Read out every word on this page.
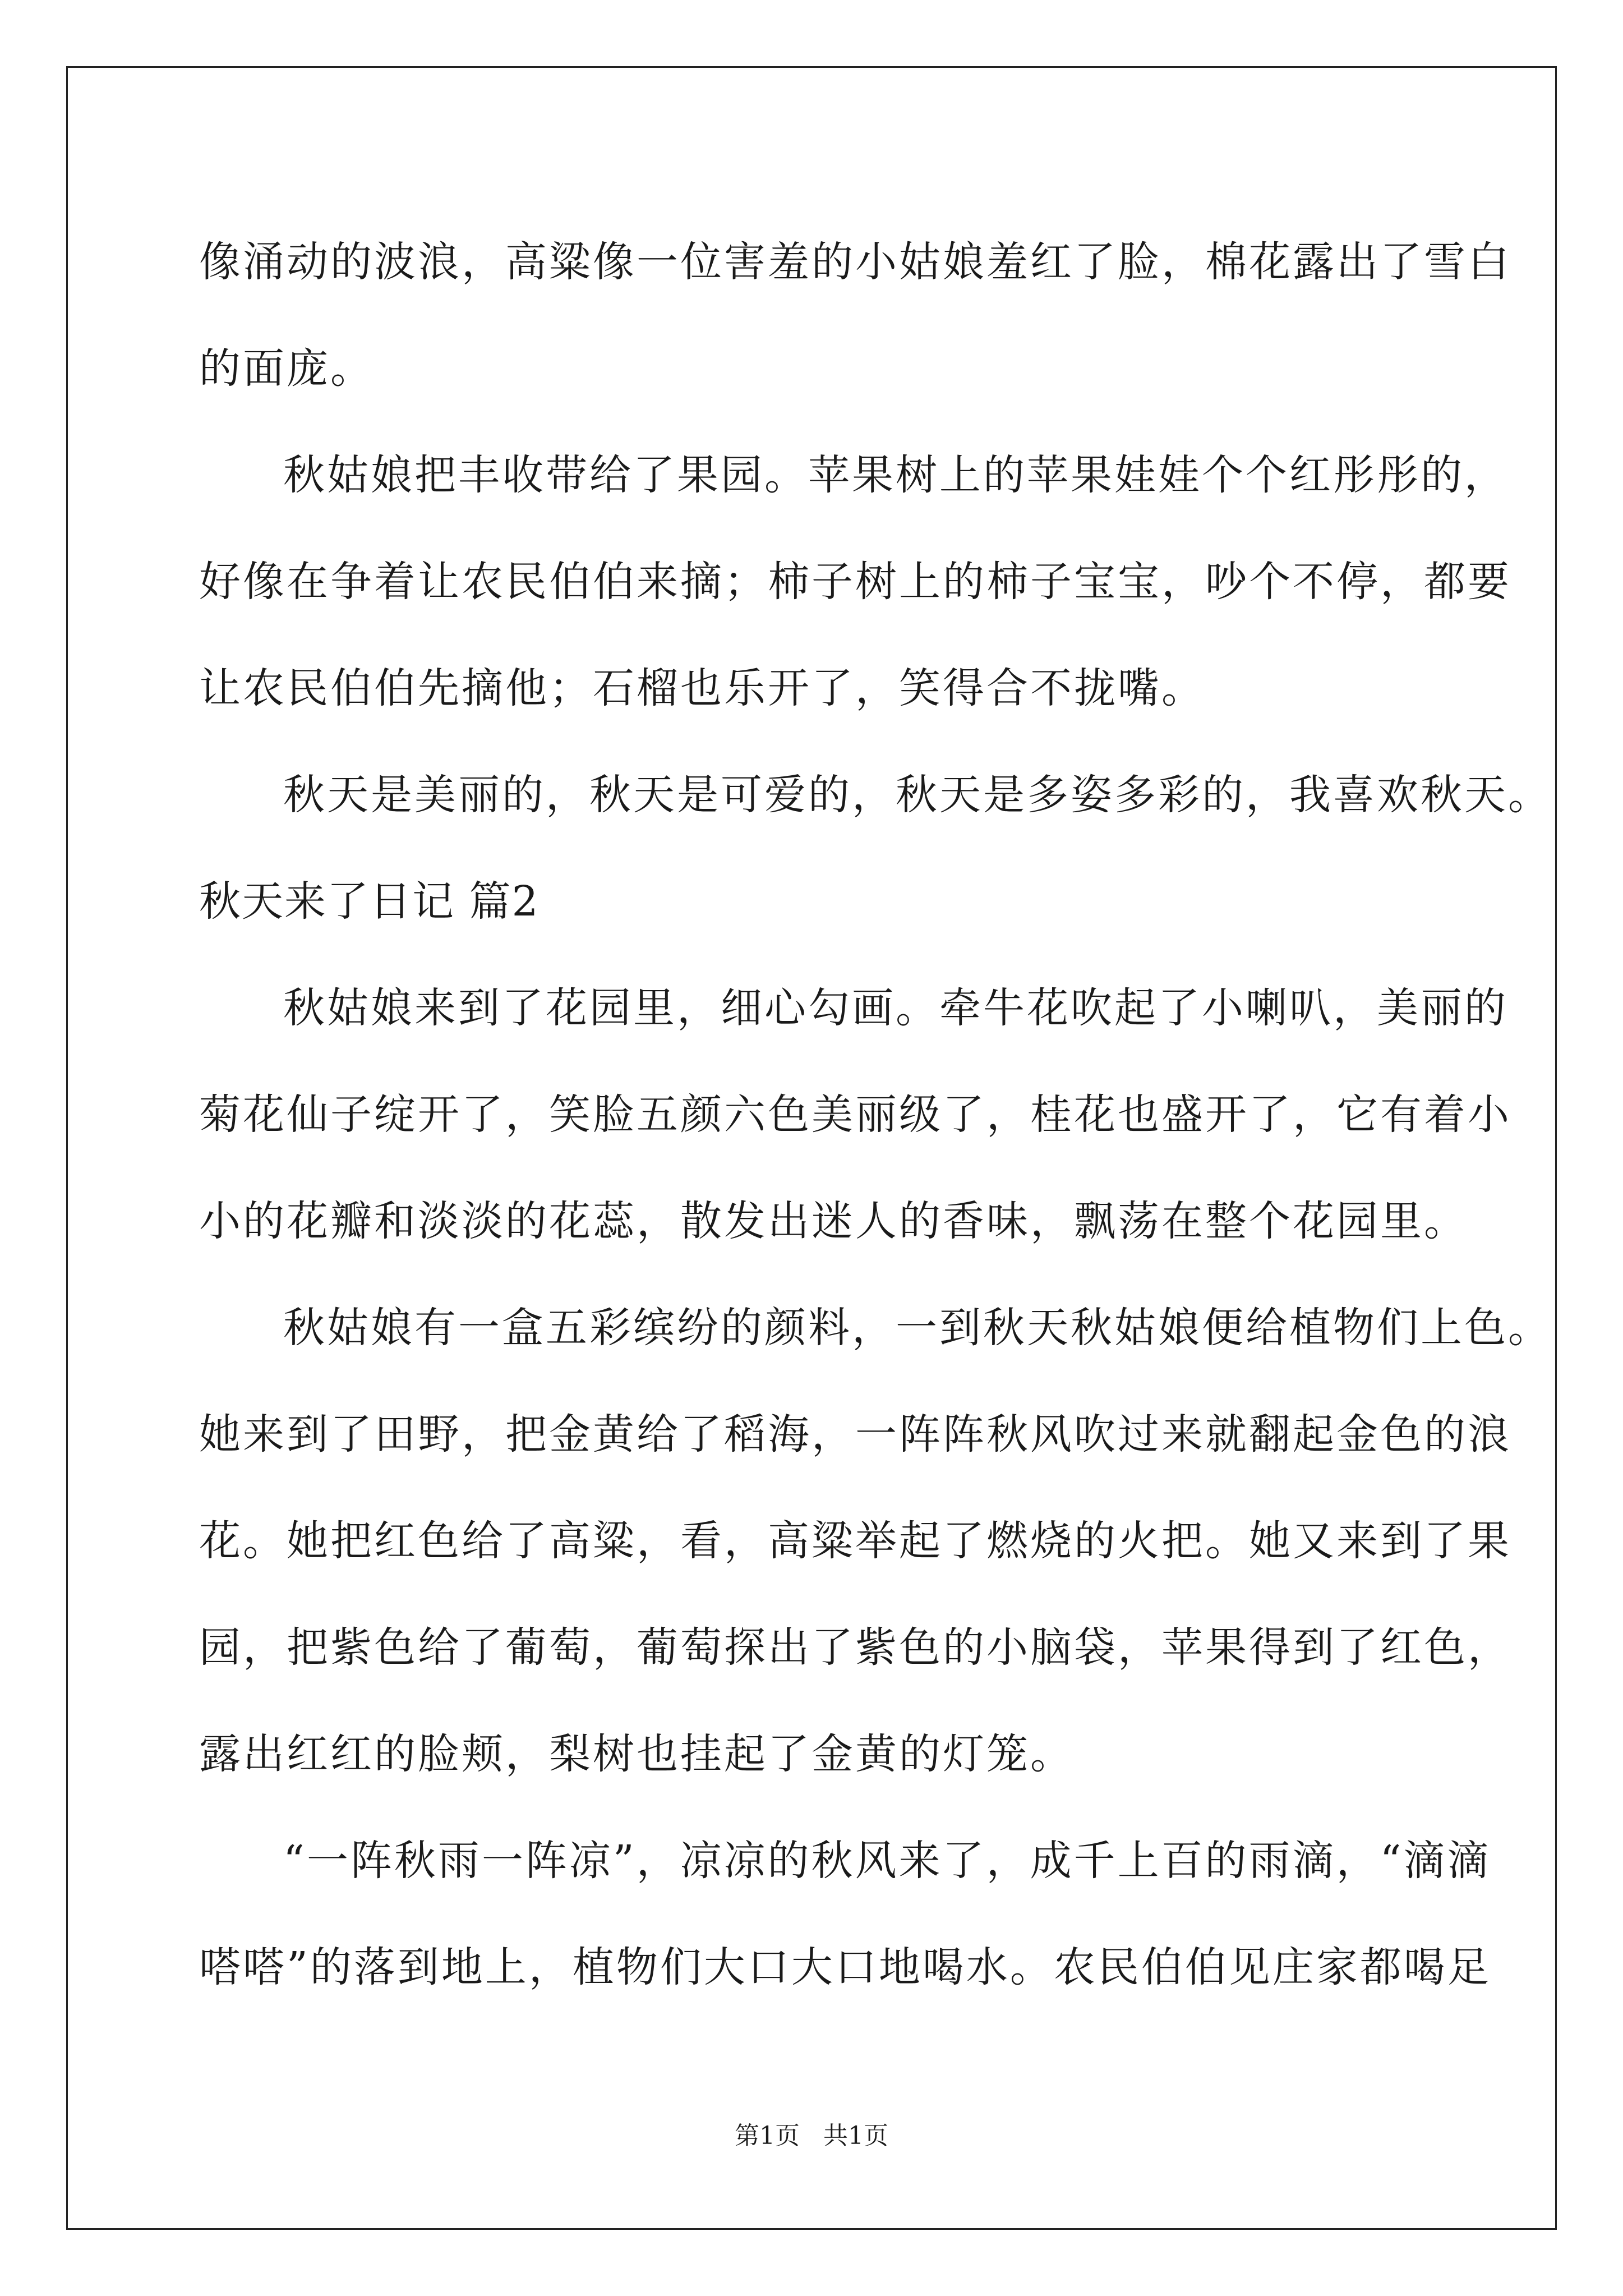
像涌动的波浪，高粱像一位害羞的小姑娘羞红了脸，棉花露出了雪白
的面庞。
秋姑娘把丰收带给了果园。苹果树上的苹果娃娃个个红彤彤的，
好像在争着让农民伯伯来摘；柿子树上的柿子宝宝，吵个不停，都要
让农民伯伯先摘他；石榴也乐开了，笑得合不拢嘴。
秋天是美丽的，秋天是可爱的，秋天是多姿多彩的，我喜欢秋天。
秋天来了日记 篇2
秋姑娘来到了花园里，细心勾画。牵牛花吹起了小喇叭，美丽的
菊花仙子绽开了，笑脸五颜六色美丽级了，桂花也盛开了，它有着小
小的花瓣和淡淡的花蕊，散发出迷人的香味，飘荡在整个花园里。
秋姑娘有一盒五彩缤纷的颜料，一到秋天秋姑娘便给植物们上色。
她来到了田野，把金黄给了稻海，一阵阵秋风吹过来就翻起金色的浪
花。她把红色给了高粱，看，高粱举起了燃烧的火把。她又来到了果
园，把紫色给了葡萄，葡萄探出了紫色的小脑袋，苹果得到了红色，
露出红红的脸颊，梨树也挂起了金黄的灯笼。
“一阵秋雨一阵凉”，凉凉的秋风来了，成千上百的雨滴，“滴滴
嗒嗒”的落到地上，植物们大口大口地喝水。农民伯伯见庄家都喝足
第1页   共1页
